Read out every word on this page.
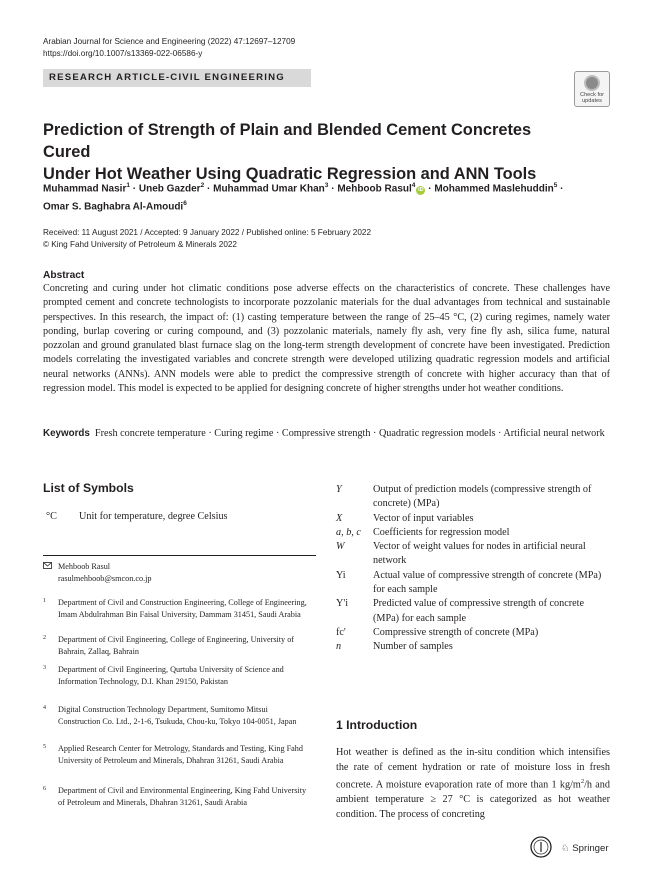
Arabian Journal for Science and Engineering (2022) 47:12697–12709
https://doi.org/10.1007/s13369-022-06586-y
RESEARCH ARTICLE-CIVIL ENGINEERING
Check for
updates
Prediction of Strength of Plain and Blended Cement Concretes Cured
Under Hot Weather Using Quadratic Regression and ANN Tools
Muhammad Nasir$^1$ · Uneb Gazder$^2$ · Muhammad Umar Khan$^3$ · Mehboob Rasul$^4$iD · Mohammed Maslehuddin$^5$ ·
Omar S. Baghabra Al-Amoudi$^6$
Received: 11 August 2021 / Accepted: 9 January 2022 / Published online: 5 February 2022
© King Fahd University of Petroleum & Minerals 2022
Abstract
Concreting and curing under hot climatic conditions pose adverse effects on the characteristics of concrete. These challenges have prompted cement and concrete technologists to incorporate pozzolanic materials for the dual advantages from technical and sustainable perspectives. In this research, the impact of: (1) casting temperature between the range of 25–45 °C, (2) curing regimes, namely water ponding, burlap covering or curing compound, and (3) pozzolanic materials, namely fly ash, very fine fly ash, silica fume, natural pozzolan and ground granulated blast furnace slag on the long-term strength development of concrete have been investigated. Prediction models correlating the investigated variables and concrete strength were developed utilizing quadratic regression models and artificial neural networks (ANNs). ANN models were able to predict the compressive strength of concrete with higher accuracy than that of regression model. This model is expected to be applied for designing concrete of higher strengths under hot weather conditions.
Keywords Fresh concrete temperature · Curing regime · Compressive strength · Quadratic regression models · Artificial neural network
List of Symbols
°C Unit for temperature, degree Celsius
Mehboob Rasul
rasulmehboob@smcon.co.jp
1 Department of Civil and Construction Engineering, College of Engineering, Imam Abdulrahman Bin Faisal University, Dammam 31451, Saudi Arabia
2 Department of Civil Engineering, College of Engineering, University of Bahrain, Zallaq, Bahrain
3 Department of Civil Engineering, Qurtuba University of Science and Information Technology, D.I. Khan 29150, Pakistan
4 Digital Construction Technology Department, Sumitomo Mitsui Construction Co. Ltd., 2-1-6, Tsukuda, Chou-ku, Tokyo 104-0051, Japan
5 Applied Research Center for Metrology, Standards and Testing, King Fahd University of Petroleum and Minerals, Dhahran 31261, Saudi Arabia
6 Department of Civil and Environmental Engineering, King Fahd University of Petroleum and Minerals, Dhahran 31261, Saudi Arabia
Y	Output of prediction models (compressive strength of concrete) (MPa)
X	Vector of input variables
a, b, c Coefficients for regression model
W	Vector of weight values for nodes in artificial neural network
Yi	Actual value of compressive strength of concrete (MPa) for each sample
Y'i Predicted value of compressive strength of concrete (MPa) for each sample
fc'	Compressive strength of concrete (MPa)
n	Number of samples
1 Introduction
Hot weather is defined as the in-situ condition which intensifies the rate of cement hydration or rate of moisture loss in fresh concrete. A moisture evaporation rate of more than 1 $kg/m^2/h$ and ambient temperature ≥ 27 °C is categorized as hot weather condition. The process of concreting
♘ Springer
